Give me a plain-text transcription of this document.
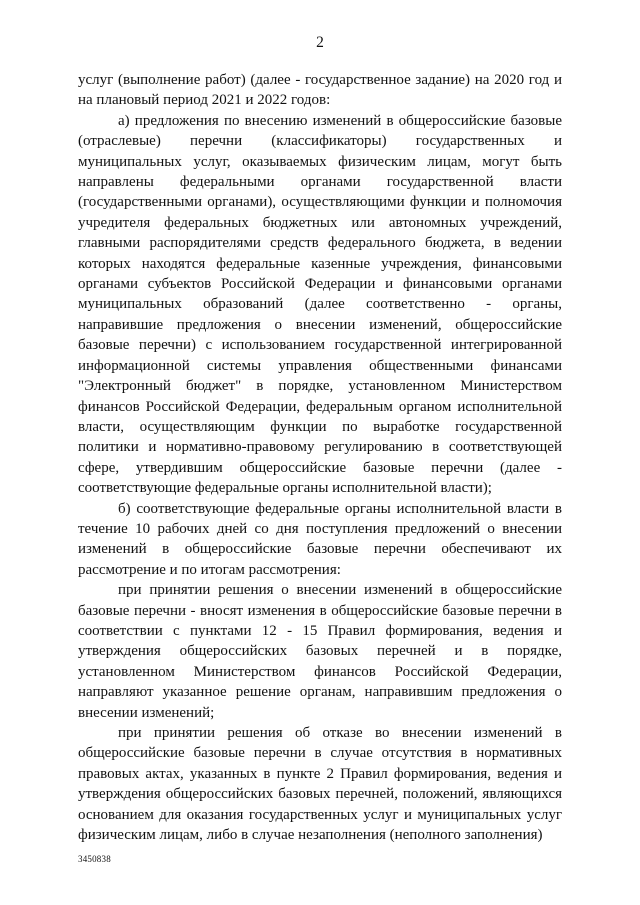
2

услуг (выполнение работ) (далее - государственное задание) на 2020 год и на плановый период 2021 и 2022 годов:

а) предложения по внесению изменений в общероссийские базовые (отраслевые) перечни (классификаторы) государственных и муниципальных услуг, оказываемых физическим лицам, могут быть направлены федеральными органами государственной власти (государственными органами), осуществляющими функции и полномочия учредителя федеральных бюджетных или автономных учреждений, главными распорядителями средств федерального бюджета, в ведении которых находятся федеральные казенные учреждения, финансовыми органами субъектов Российской Федерации и финансовыми органами муниципальных образований (далее соответственно - органы, направившие предложения о внесении изменений, общероссийские базовые перечни) с использованием государственной интегрированной информационной системы управления общественными финансами "Электронный бюджет" в порядке, установленном Министерством финансов Российской Федерации, федеральным органом исполнительной власти, осуществляющим функции по выработке государственной политики и нормативно-правовому регулированию в соответствующей сфере, утвердившим общероссийские базовые перечни (далее - соответствующие федеральные органы исполнительной власти);

б) соответствующие федеральные органы исполнительной власти в течение 10 рабочих дней со дня поступления предложений о внесении изменений в общероссийские базовые перечни обеспечивают их рассмотрение и по итогам рассмотрения:

при принятии решения о внесении изменений в общероссийские базовые перечни - вносят изменения в общероссийские базовые перечни в соответствии с пунктами 12 - 15 Правил формирования, ведения и утверждения общероссийских базовых перечней и в порядке, установленном Министерством финансов Российской Федерации, направляют указанное решение органам, направившим предложения о внесении изменений;

при принятии решения об отказе во внесении изменений в общероссийские базовые перечни в случае отсутствия в нормативных правовых актах, указанных в пункте 2 Правил формирования, ведения и утверждения общероссийских базовых перечней, положений, являющихся основанием для оказания государственных услуг и муниципальных услуг физическим лицам, либо в случае незаполнения (неполного заполнения)

3450838
